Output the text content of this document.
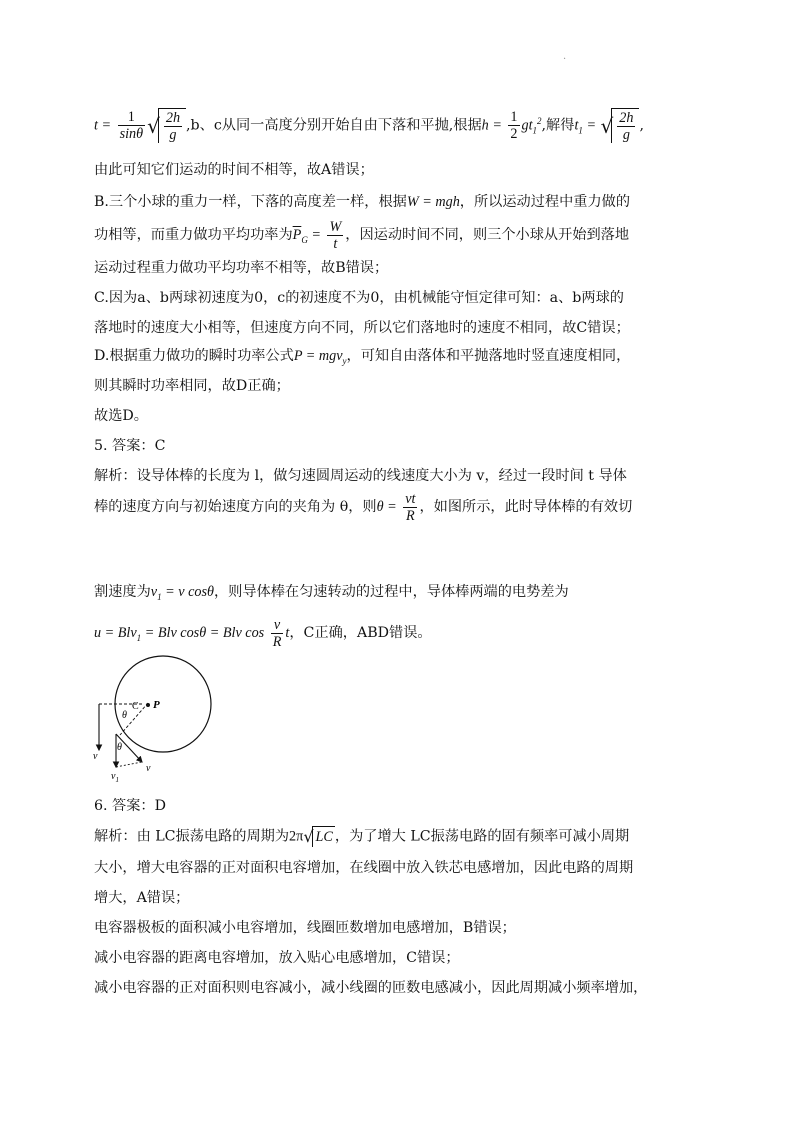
·
$t = \frac{1}{\sin\theta}$ √ $\frac{2h}{g} ,b$、c从同一高度分别开始自由下落和平抛,根据$h = \frac{1}{2} gt_1^2$,解得$t_1$ = √ $\frac{2h}{g}$ ,
由此可知它们运动的时间不相等，故A错误；
B.三个小球的重力一样，下落的高度差一样，根据W = mgh，所以运动过程中重力做的
功相等，而重力做功平均功率为$\overline{P}_G = \frac{W}{t}$ ，因运动时间不同，则三个小球从开始到落地
运动过程重力做功平均功率不相等，故B错误；
C.因为a、b两球初速度为0，c的初速度不为0，由机械能守恒定律可知：a、b两球的
落地时的速度大小相等，但速度方向不同，所以它们落地时的速度不相同，故C错误；
D.根据重力做功的瞬时功率公式P = mgv$_y$，可知自由落体和平抛落地时竖直速度相同，
则其瞬时功率相同，故D正确；
故选D。
5. 答案：C
解析：设导体棒的长度为 l，做匀速圆周运动的线速度大小为 v，经过一段时间 t 导体
棒的速度方向与初始速度方向的夹角为 θ，则$\theta = \frac{vt}{R}$ ，如图所示，此时导体棒的有效切
割速度为$v_1 = v$ cosθ，则导体棒在匀速转动的过程中，导体棒两端的电势差为
u = Blv$_1$ = Blv cosθ = Blv $\cos \frac{v}{R}$ t，C正确，ABD错误。
C P
θ
θ
v
$v_1$
v
6. 答案：D
解析：由 LC振荡电路的周期为2π√ LC ，为了增大 LC振荡电路的固有频率可减小周期
大小，增大电容器的正对面积电容增加，在线圈中放入铁芯电感增加，因此电路的周期
增大，A错误；
电容器极板的面积减小电容增加，线圈匝数增加电感增加，B错误；
减小电容器的距离电容增加，放入贴心电感增加，C错误；
减小电容器的正对面积则电容减小，减小线圈的匝数电感减小，因此周期减小频率增加，
